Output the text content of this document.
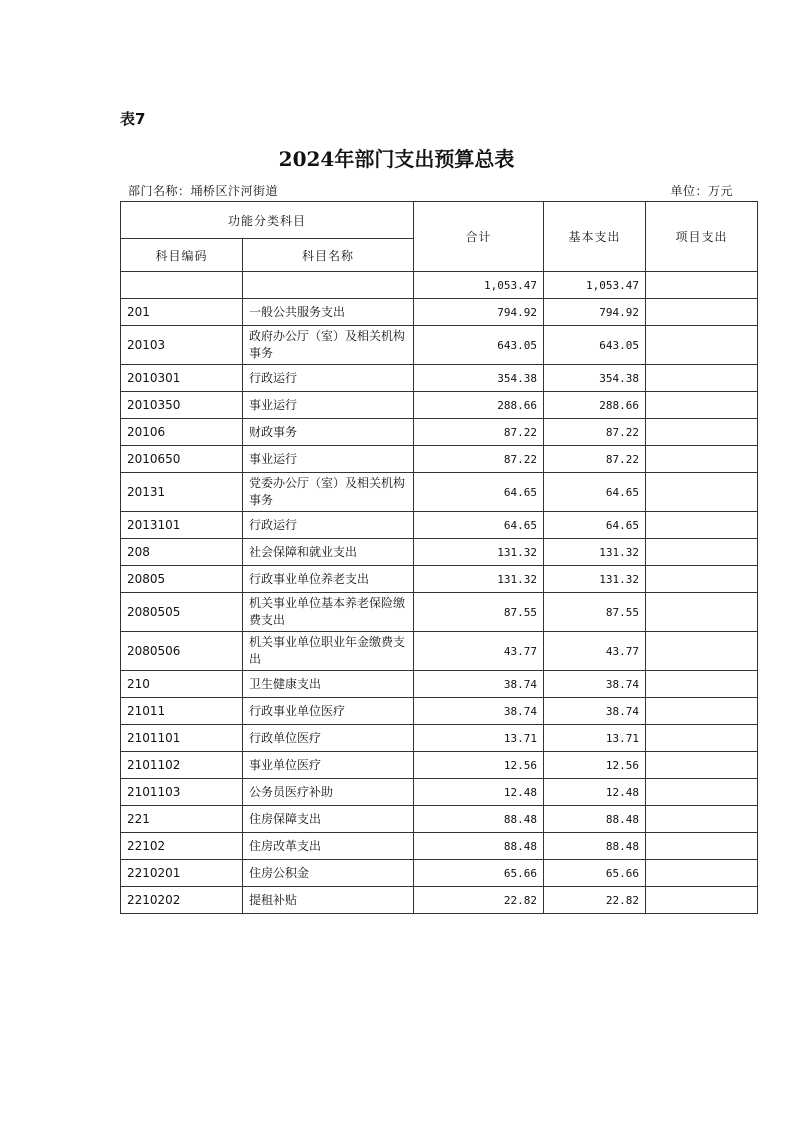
表7
2024年部门支出预算总表
部门名称：埇桥区汴河街道	单位：万元
功能分类科目		合计	基本支出	项目支出
科目编码	科目名称			
		1,053.47	1,053.47	
201	一般公共服务支出	794.92	794.92	
20103	政府办公厅（室）及相关机构事务	643.05	643.05	
2010301	行政运行	354.38	354.38	
2010350	事业运行	288.66	288.66	
20106	财政事务	87.22	87.22	
2010650	事业运行	87.22	87.22	
20131	党委办公厅（室）及相关机构事务	64.65	64.65	
2013101	行政运行	64.65	64.65	
208	社会保障和就业支出	131.32	131.32	
20805	行政事业单位养老支出	131.32	131.32	
2080505	机关事业单位基本养老保险缴费支出	87.55	87.55	
2080506	机关事业单位职业年金缴费支出	43.77	43.77	
210	卫生健康支出	38.74	38.74	
21011	行政事业单位医疗	38.74	38.74	
2101101	行政单位医疗	13.71	13.71	
2101102	事业单位医疗	12.56	12.56	
2101103	公务员医疗补助	12.48	12.48	
221	住房保障支出	88.48	88.48	
22102	住房改革支出	88.48	88.48	
2210201	住房公积金	65.66	65.66	
2210202	提租补贴	22.82	22.82	
